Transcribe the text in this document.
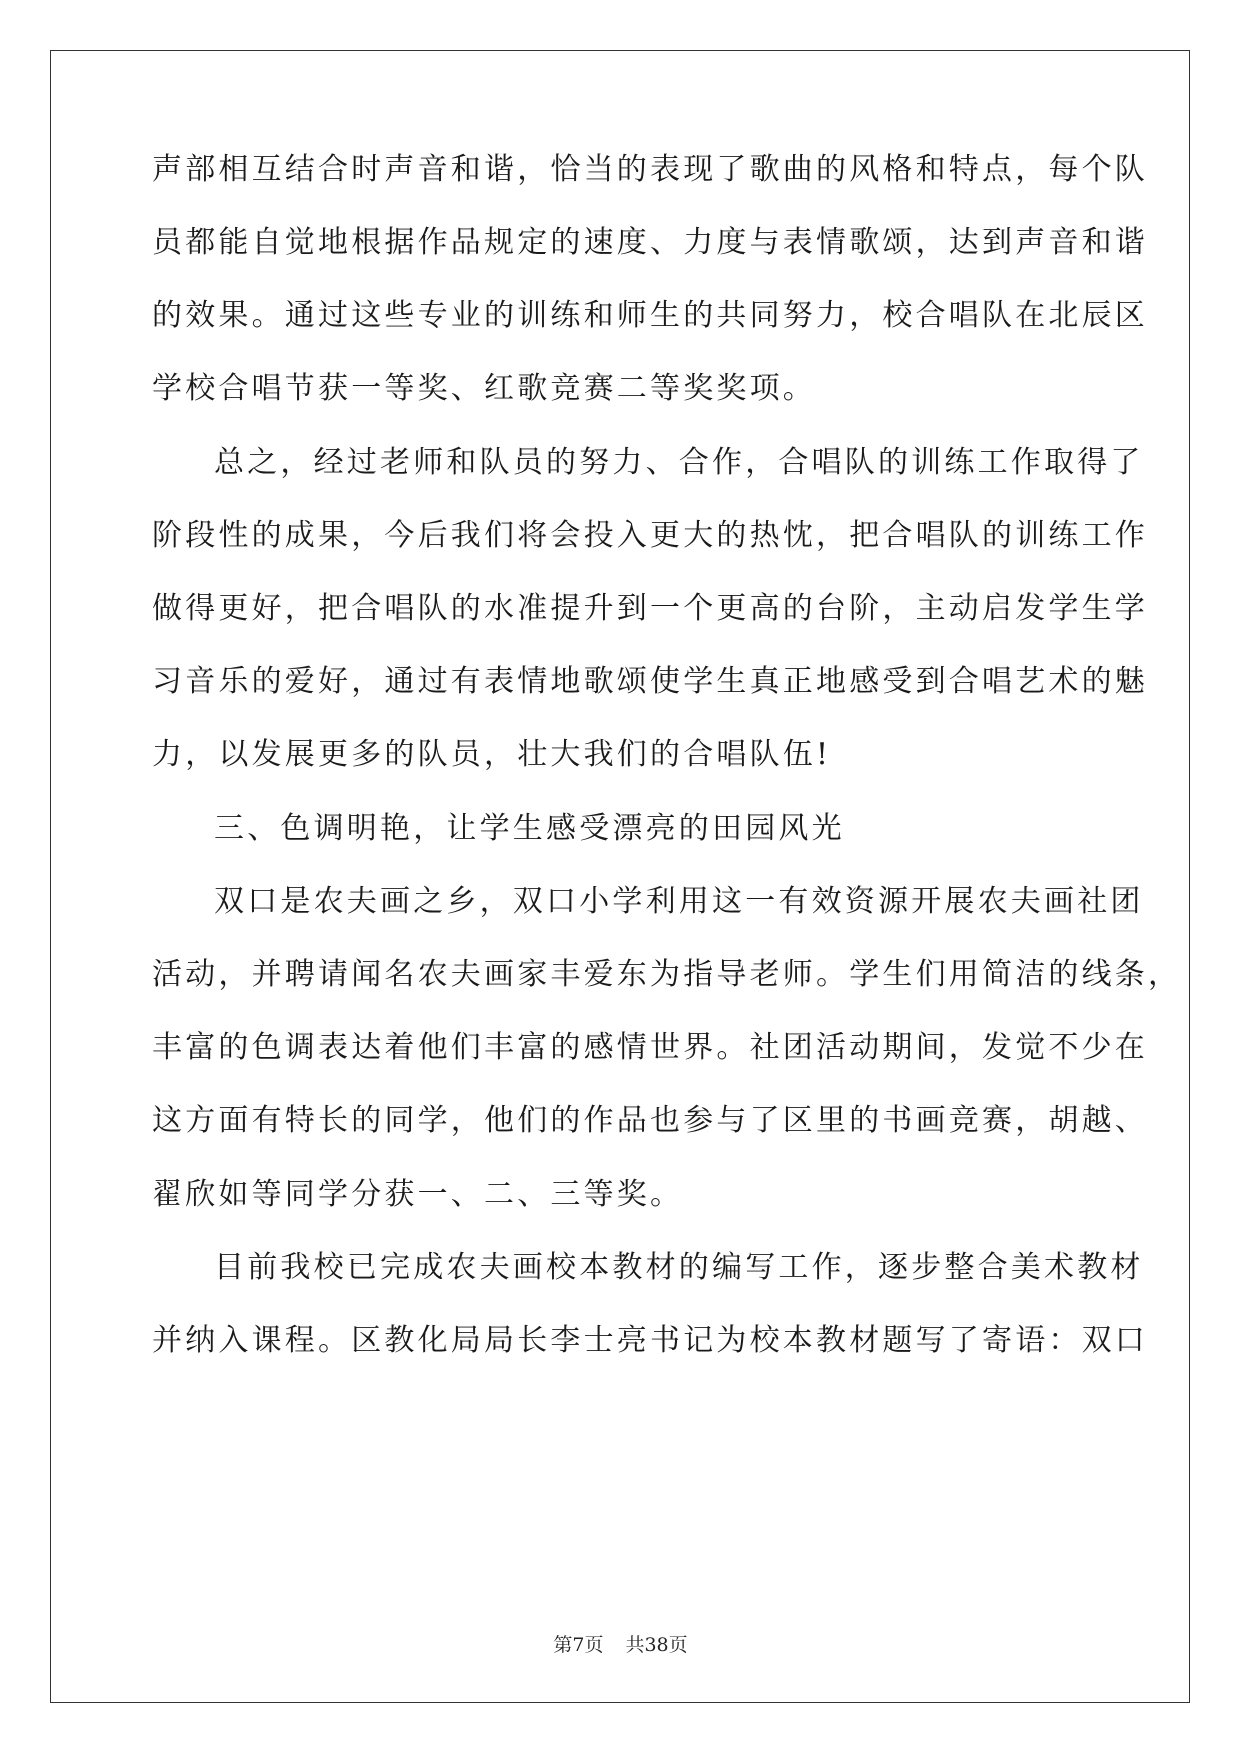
声部相互结合时声音和谐，恰当的表现了歌曲的风格和特点，每个队
员都能自觉地根据作品规定的速度、力度与表情歌颂，达到声音和谐
的效果。通过这些专业的训练和师生的共同努力，校合唱队在北辰区
学校合唱节获一等奖、红歌竞赛二等奖奖项。
总之，经过老师和队员的努力、合作，合唱队的训练工作取得了
阶段性的成果，今后我们将会投入更大的热忱，把合唱队的训练工作
做得更好，把合唱队的水准提升到一个更高的台阶，主动启发学生学
习音乐的爱好，通过有表情地歌颂使学生真正地感受到合唱艺术的魅
力，以发展更多的队员，壮大我们的合唱队伍!
三、色调明艳，让学生感受漂亮的田园风光
双口是农夫画之乡，双口小学利用这一有效资源开展农夫画社团
活动，并聘请闻名农夫画家丰爱东为指导老师。学生们用简洁的线条，
丰富的色调表达着他们丰富的感情世界。社团活动期间，发觉不少在
这方面有特长的同学，他们的作品也参与了区里的书画竞赛，胡越、
翟欣如等同学分获一、二、三等奖。
目前我校已完成农夫画校本教材的编写工作，逐步整合美术教材
并纳入课程。区教化局局长李士亮书记为校本教材题写了寄语：双口
第7页 共38页
